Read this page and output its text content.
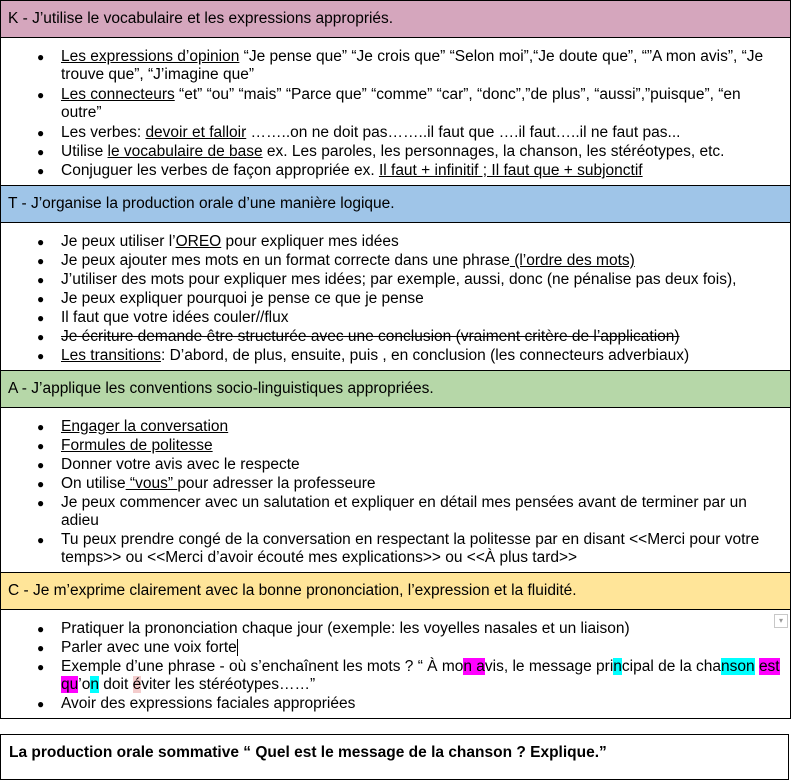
K - J’utilise le vocabulaire et les expressions appropriés.

● Les expressions d’opinion “Je pense que” “Je crois que” “Selon moi”,“Je doute que”, “”A mon avis”, “Je trouve que”, “J’imagine que”
● Les connecteurs “et” “ou” “mais” “Parce que” “comme” “car”, “donc”,”de plus”, “aussi”,”puisque”, “en outre”
● Les verbes: devoir et falloir ……..on ne doit pas……..il faut que ….il faut…..il ne faut pas...
● Utilise le vocabulaire de base ex. Les paroles, les personnages, la chanson, les stéréotypes, etc.
● Conjuguer les verbes de façon appropriée ex. Il faut + infinitif ; Il faut que + subjonctif

T - J’organise la production orale d’une manière logique.

● Je peux utiliser l’OREO pour expliquer mes idées
● Je peux ajouter mes mots en un format correcte dans une phrase (l’ordre des mots)
● J’utiliser des mots pour expliquer mes idées; par exemple, aussi, donc (ne pénalise pas deux fois),
● Je peux expliquer pourquoi je pense ce que je pense
● Il faut que votre idées couler//flux
● Je écriture demande être structurée avec une conclusion (vraiment critère de l’application)
● Les transitions: D’abord, de plus, ensuite, puis , en conclusion (les connecteurs adverbiaux)

A - J’applique les conventions socio-linguistiques appropriées.

● Engager la conversation
● Formules de politesse
● Donner votre avis avec le respecte
● On utilise “vous” pour adresser la professeure
● Je peux commencer avec un salutation et expliquer en détail mes pensées avant de terminer par un adieu
● Tu peux prendre congé de la conversation en respectant la politesse par en disant <<Merci pour votre temps>> ou <<Merci d’avoir écouté mes explications>> ou <<À plus tard>>

C - Je m’exprime clairement avec la bonne prononciation, l’expression et la fluidité.

▾
● Pratiquer la prononciation chaque jour (exemple: les voyelles nasales et un liaison)
● Parler avec une voix forte
● Exemple d’une phrase - où s’enchaînent les mots ? “ À mon avis, le message principal de la chanson est qu’on doit éviter les stéréotypes……”
● Avoir des expressions faciales appropriées
La production orale sommative “ Quel est le message de la chanson ? Explique.”
